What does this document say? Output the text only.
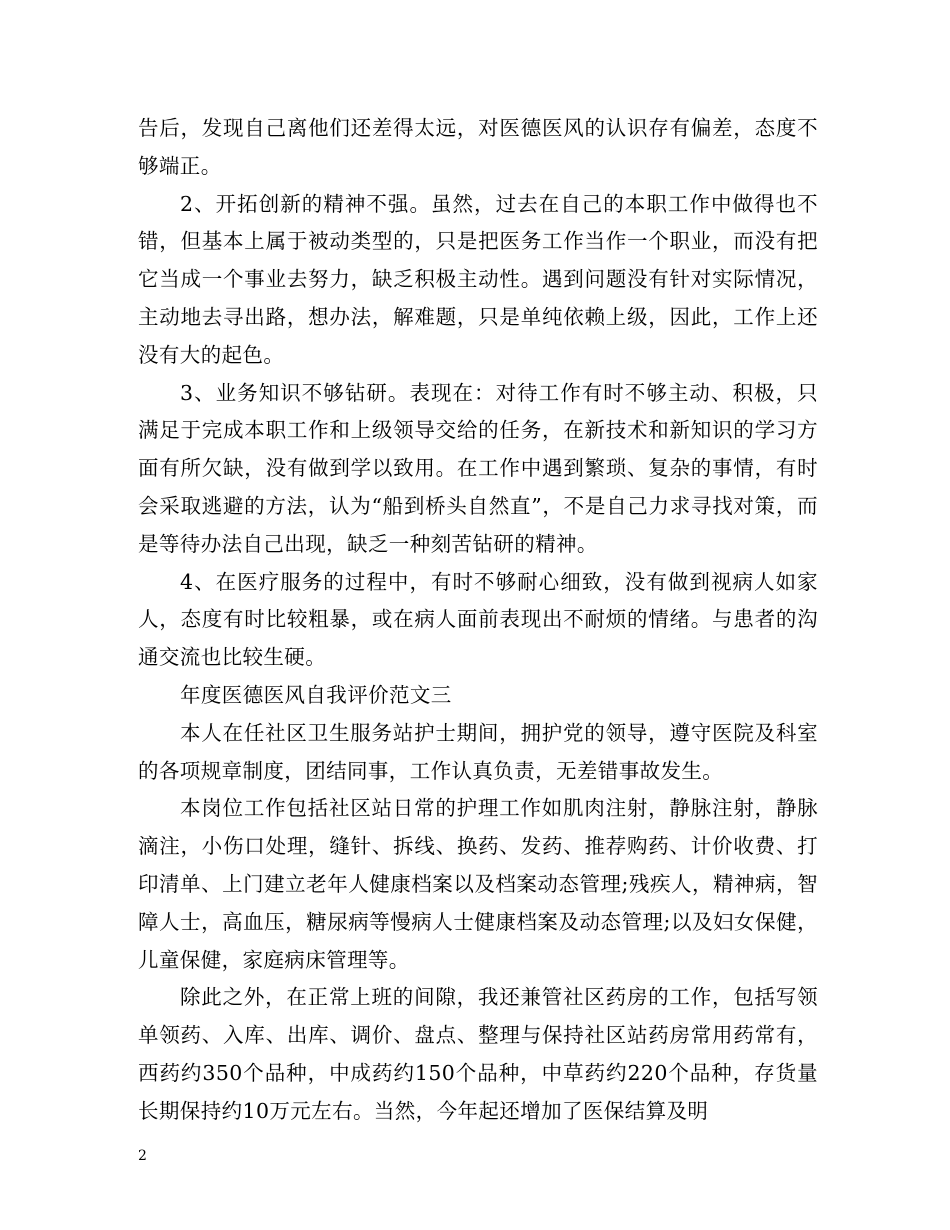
告后，发现自己离他们还差得太远，对医德医风的认识存有偏差，态度不够端正。

2、开拓创新的精神不强。虽然，过去在自己的本职工作中做得也不错，但基本上属于被动类型的，只是把医务工作当作一个职业，而没有把它当成一个事业去努力，缺乏积极主动性。遇到问题没有针对实际情况，主动地去寻出路，想办法，解难题，只是单纯依赖上级，因此，工作上还没有大的起色。

3、业务知识不够钻研。表现在：对待工作有时不够主动、积极，只满足于完成本职工作和上级领导交给的任务，在新技术和新知识的学习方面有所欠缺，没有做到学以致用。在工作中遇到繁琐、复杂的事情，有时会采取逃避的方法，认为“船到桥头自然直”，不是自己力求寻找对策，而是等待办法自己出现，缺乏一种刻苦钻研的精神。

4、在医疗服务的过程中，有时不够耐心细致，没有做到视病人如家人，态度有时比较粗暴，或在病人面前表现出不耐烦的情绪。与患者的沟通交流也比较生硬。

年度医德医风自我评价范文三

本人在任社区卫生服务站护士期间，拥护党的领导，遵守医院及科室的各项规章制度，团结同事，工作认真负责，无差错事故发生。

本岗位工作包括社区站日常的护理工作如肌肉注射，静脉注射，静脉滴注，小伤口处理，缝针、拆线、换药、发药、推荐购药、计价收费、打印清单、上门建立老年人健康档案以及档案动态管理;残疾人，精神病，智障人士，高血压，糖尿病等慢病人士健康档案及动态管理;以及妇女保健，儿童保健，家庭病床管理等。

除此之外，在正常上班的间隙，我还兼管社区药房的工作，包括写领单领药、入库、出库、调价、盘点、整理与保持社区站药房常用药常有，西药约350个品种，中成药约150个品种，中草药约220个品种，存货量长期保持约10万元左右。当然，今年起还增加了医保结算及明

2
